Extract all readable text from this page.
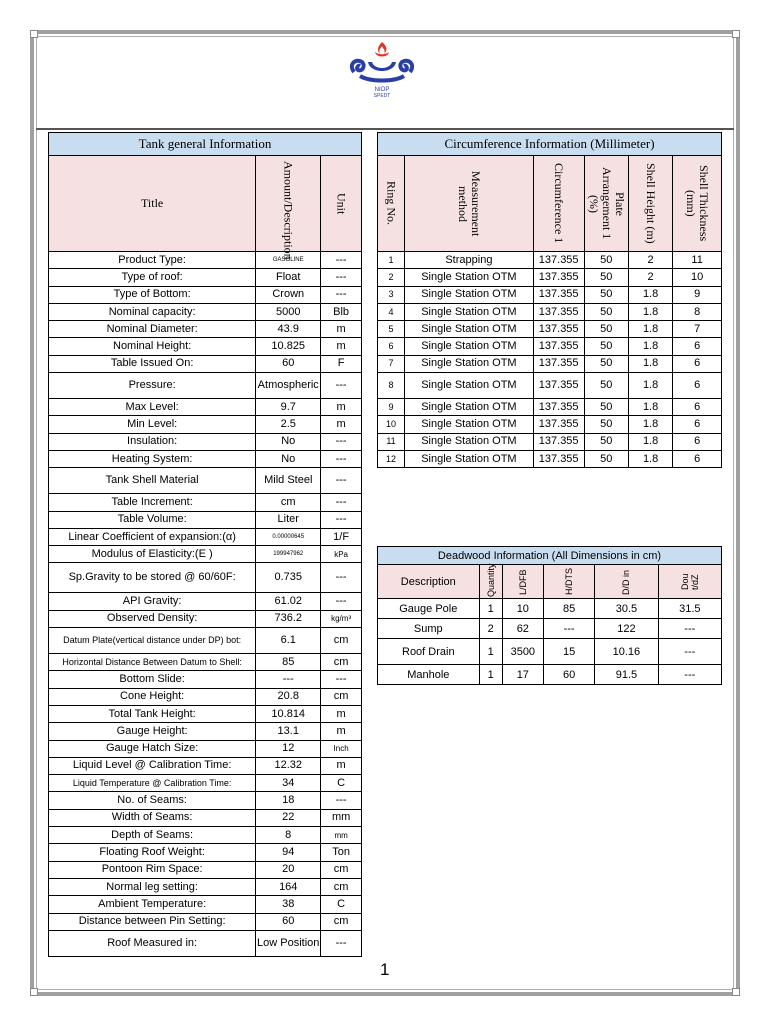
NIOP
SPEDT
Tank general Information		
Title	Amount/Description	Unit

Product Type:	GASOLINE	---
Type of roof:	Float	---
Type of Bottom:	Crown	---
Nominal capacity:	5000	Blb
Nominal Diameter:	43.9	m
Nominal Height:	10.825	m
Table Issued On:	60	F
Pressure:	Atmospheric	---
Max Level:	9.7	m
Min Level:	2.5	m
Insulation:	No	---
Heating System:	No	---
Tank Shell Material	Mild Steel	---
Table Increment:	cm	---
Table Volume:	Liter	---
Linear Coefficient of expansion:(α)	0.00000645	1/F
Modulus of Elasticity:(E )	199947962	kPa
Sp.Gravity to be stored @ 60/60F:	0.735	---
API Gravity:	61.02	---
Observed Density:	736.2	kg/m³
Datum Plate(vertical distance under DP) bot:	6.1	cm
Horizontal Distance Between Datum to Shell:	85	cm
Bottom Slide:	---	---
Cone Height:	20.8	cm
Total Tank Height:	10.814	m
Gauge Height:	13.1	m
Gauge Hatch Size:	12	Inch
Liquid Level @ Calibration Time:	12.32	m
Liquid Temperature @ Calibration Time:	34	C
No. of Seams:	18	---
Width of Seams:	22	mm
Depth of Seams:	8	mm
Floating Roof Weight:	94	Ton
Pontoon Rim Space:	20	cm
Normal leg setting:	164	cm
Ambient Temperature:	38	C
Distance between Pin Setting:	60	cm
Roof Measured in:	Low Position	---
Circumference Information (Millimeter)					

Ring No.	Measurement method	Circumference 1	Plate Arrangement 1 (%)	Shell Height (m)	Shell Thickness (mm)

1	Strapping	137.355	50	2	11
2	Single Station OTM	137.355	50	2	10
3	Single Station OTM	137.355	50	1.8	9
4	Single Station OTM	137.355	50	1.8	8
5	Single Station OTM	137.355	50	1.8	7
6	Single Station OTM	137.355	50	1.8	6
7	Single Station OTM	137.355	50	1.8	6
8	Single Station OTM	137.355	50	1.8	6
9	Single Station OTM	137.355	50	1.8	6
10	Single Station OTM	137.355	50	1.8	6
11	Single Station OTM	137.355	50	1.8	6
12	Single Station OTM	137.355	50	1.8	6
Deadwood Information (All Dimensions in cm)					
Description	Quantity	L/DFB	H/DTS	D/D in	Dou t/dZ

Gauge Pole	1	10	85	30.5	31.5
Sump	2	62	---	122	---
Roof Drain	1	3500	15	10.16	---
Manhole	1	17	60	91.5	---
1
